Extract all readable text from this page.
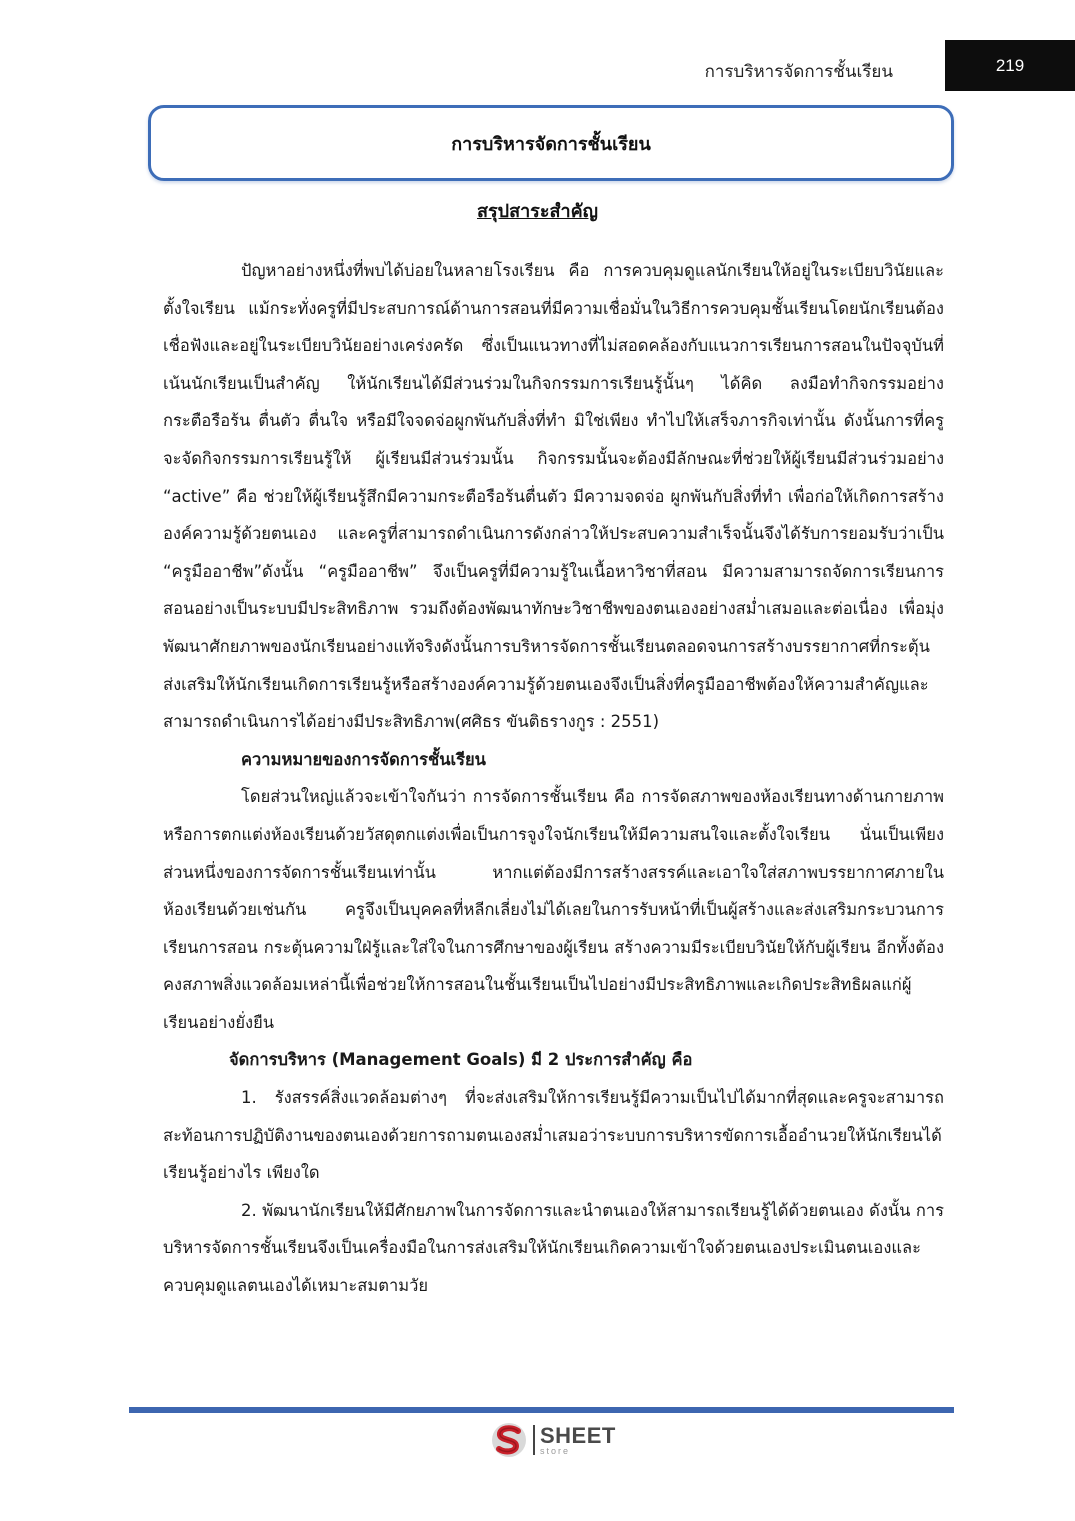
การบริหารจัดการชั้นเรียน	219
การบริหารจัดการชั้นเรียน
สรุปสาระสำคัญ

ปัญหาอย่างหนึ่งที่พบได้บ่อยในหลายโรงเรียน คือ การควบคุมดูแลนักเรียนให้อยู่ในระเบียบวินัยและตั้งใจเรียน แม้กระทั่งครูที่มีประสบการณ์ด้านการสอนที่มีความเชื่อมั่นในวิธีการควบคุมชั้นเรียนโดยนักเรียนต้องเชื่อฟังและอยู่ในระเบียบวินัยอย่างเคร่งครัด ซึ่งเป็นแนวทางที่ไม่สอดคล้องกับแนวการเรียนการสอนในปัจจุบันที่เน้นนักเรียนเป็นสำคัญ ให้นักเรียนได้มีส่วนร่วมในกิจกรรมการเรียนรู้นั้นๆ ได้คิด ลงมือทำกิจกรรมอย่างกระตือรือร้น ตื่นตัว ตื่นใจ หรือมีใจจดจ่อผูกพันกับสิ่งที่ทำ มิใช่เพียง ทำไปให้เสร็จภารกิจเท่านั้น ดังนั้นการที่ครูจะจัดกิจกรรมการเรียนรู้ให้ ผู้เรียนมีส่วนร่วมนั้น กิจกรรมนั้นจะต้องมีลักษณะที่ช่วยให้ผู้เรียนมีส่วนร่วมอย่าง “active” คือ ช่วยให้ผู้เรียนรู้สึกมีความกระตือรือร้นตื่นตัว มีความจดจ่อ ผูกพันกับสิ่งที่ทำ เพื่อก่อให้เกิดการสร้างองค์ความรู้ด้วยตนเอง และครูที่สามารถดำเนินการดังกล่าวให้ประสบความสำเร็จนั้นจึงได้รับการยอมรับว่าเป็น “ครูมืออาชีพ”ดังนั้น “ครูมืออาชีพ” จึงเป็นครูที่มีความรู้ในเนื้อหาวิชาที่สอน มีความสามารถจัดการเรียนการสอนอย่างเป็นระบบมีประสิทธิภาพ รวมถึงต้องพัฒนาทักษะวิชาชีพของตนเองอย่างสม่ำเสมอและต่อเนื่อง เพื่อมุ่งพัฒนาศักยภาพของนักเรียนอย่างแท้จริงดังนั้นการบริหารจัดการชั้นเรียนตลอดจนการสร้างบรรยากาศที่กระตุ้นส่งเสริมให้นักเรียนเกิดการเรียนรู้หรือสร้างองค์ความรู้ด้วยตนเองจึงเป็นสิ่งที่ครูมืออาชีพต้องให้ความสำคัญและสามารถดำเนินการได้อย่างมีประสิทธิภาพ(ศศิธร ขันติธรางกูร : 2551)

ความหมายของการจัดการชั้นเรียน

โดยส่วนใหญ่แล้วจะเข้าใจกันว่า การจัดการชั้นเรียน คือ การจัดสภาพของห้องเรียนทางด้านกายภาพหรือการตกแต่งห้องเรียนด้วยวัสดุตกแต่งเพื่อเป็นการจูงใจนักเรียนให้มีความสนใจและตั้งใจเรียน นั่นเป็นเพียงส่วนหนึ่งของการจัดการชั้นเรียนเท่านั้น หากแต่ต้องมีการสร้างสรรค์และเอาใจใส่สภาพบรรยากาศภายในห้องเรียนด้วยเช่นกัน ครูจึงเป็นบุคคลที่หลีกเลี่ยงไม่ได้เลยในการรับหน้าที่เป็นผู้สร้างและส่งเสริมกระบวนการเรียนการสอน กระตุ้นความใฝ่รู้และใส่ใจในการศึกษาของผู้เรียน สร้างความมีระเบียบวินัยให้กับผู้เรียน อีกทั้งต้องคงสภาพสิ่งแวดล้อมเหล่านี้เพื่อช่วยให้การสอนในชั้นเรียนเป็นไปอย่างมีประสิทธิภาพและเกิดประสิทธิผลแก่ผู้เรียนอย่างยั่งยืน

จัดการบริหาร (Management Goals) มี 2 ประการสำคัญ คือ

1. รังสรรค์สิ่งแวดล้อมต่างๆ ที่จะส่งเสริมให้การเรียนรู้มีความเป็นไปได้มากที่สุดและครูจะสามารถสะท้อนการปฏิบัติงานของตนเองด้วยการถามตนเองสม่ำเสมอว่าระบบการบริหารขัดการเอื้ออำนวยให้นักเรียนได้เรียนรู้อย่างไร เพียงใด

2. พัฒนานักเรียนให้มีศักยภาพในการจัดการและนำตนเองให้สามารถเรียนรู้ได้ด้วยตนเอง ดังนั้น การบริหารจัดการชั้นเรียนจึงเป็นเครื่องมือในการส่งเสริมให้นักเรียนเกิดความเข้าใจด้วยตนเองประเมินตนเองและควบคุมดูแลตนเองได้เหมาะสมตามวัย

SHEET
store
